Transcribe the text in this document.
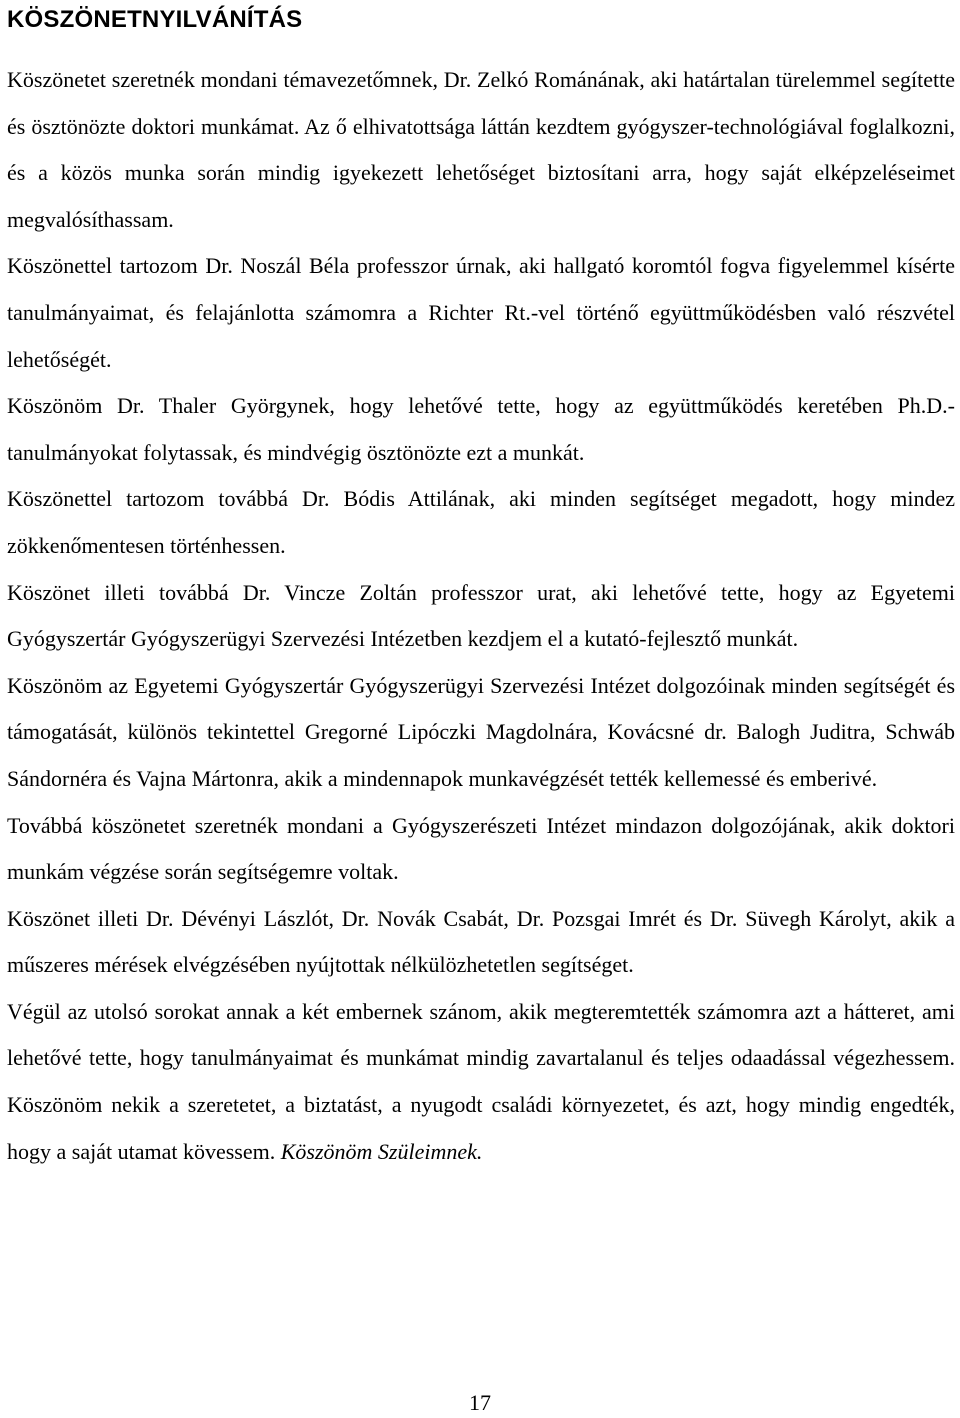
KÖSZÖNETNYILVÁNÍTÁS

Köszönetet szeretnék mondani témavezetőmnek, Dr. Zelkó Románának, aki határtalan türelemmel segítette és ösztönözte doktori munkámat. Az ő elhivatottsága láttán kezdtem gyógyszer-technológiával foglalkozni, és a közös munka során mindig igyekezett lehetőséget biztosítani arra, hogy saját elképzeléseimet megvalósíthassam.

Köszönettel tartozom Dr. Noszál Béla professzor úrnak, aki hallgató koromtól fogva figyelemmel kísérte tanulmányaimat, és felajánlotta számomra a Richter Rt.-vel történő együttműködésben való részvétel lehetőségét.

Köszönöm Dr. Thaler Györgynek, hogy lehetővé tette, hogy az együttműködés keretében Ph.D.-tanulmányokat folytassak, és mindvégig ösztönözte ezt a munkát.

Köszönettel tartozom továbbá Dr. Bódis Attilának, aki minden segítséget megadott, hogy mindez zökkenőmentesen történhessen.

Köszönet illeti továbbá Dr. Vincze Zoltán professzor urat, aki lehetővé tette, hogy az Egyetemi Gyógyszertár Gyógyszerügyi Szervezési Intézetben kezdjem el a kutató-fejlesztő munkát.

Köszönöm az Egyetemi Gyógyszertár Gyógyszerügyi Szervezési Intézet dolgozóinak minden segítségét és támogatását, különös tekintettel Gregorné Lipóczki Magdolnára, Kovácsné dr. Balogh Juditra, Schwáb Sándornéra és Vajna Mártonra, akik a mindennapok munkavégzését tették kellemessé és emberivé.

Továbbá köszönetet szeretnék mondani a Gyógyszerészeti Intézet mindazon dolgozójának, akik doktori munkám végzése során segítségemre voltak.

Köszönet illeti Dr. Dévényi Lászlót, Dr. Novák Csabát, Dr. Pozsgai Imrét és Dr. Süvegh Károlyt, akik a műszeres mérések elvégzésében nyújtottak nélkülözhetetlen segítséget.

Végül az utolsó sorokat annak a két embernek szánom, akik megteremtették számomra azt a hátteret, ami lehetővé tette, hogy tanulmányaimat és munkámat mindig zavartalanul és teljes odaadással végezhessem. Köszönöm nekik a szeretetet, a biztatást, a nyugodt családi környezetet, és azt, hogy mindig engedték, hogy a saját utamat kövessem. Köszönöm Szüleimnek.

17
